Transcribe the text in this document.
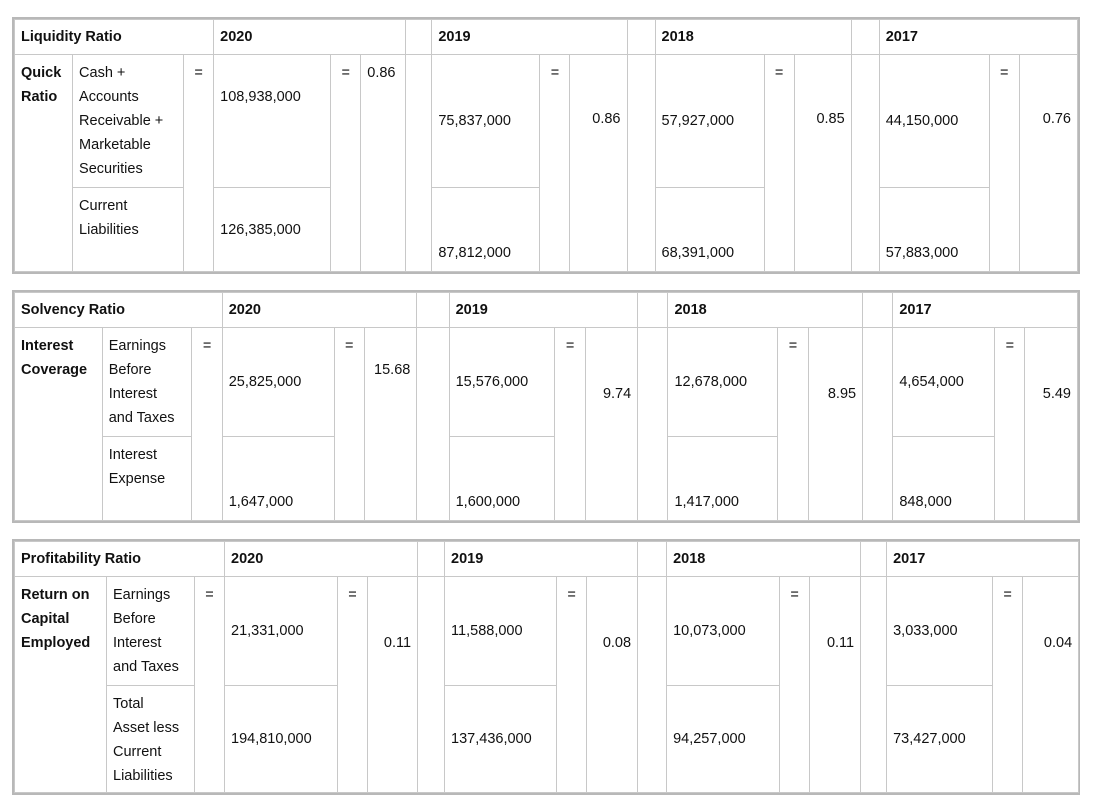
Liquidity Ratio			2020				2019				2018				2017		
Quick
Ratio	Cash +
Accounts
Receivable +
Marketable
Securities	=	108,938,000	=	0.86		75,837,000	=	0.86		57,927,000	=	0.85		44,150,000	=	0.76
	Current
Liabilities		126,385,000				87,812,000				68,391,000				57,883,000		
Solvency Ratio			2020				2019				2018				2017		
Interest
Coverage	Earnings
Before
Interest
and Taxes	=	25,825,000	=	15.68		15,576,000	=	9.74		12,678,000	=	8.95		4,654,000	=	5.49
	Interest
Expense		1,647,000				1,600,000				1,417,000				848,000		
Profitability Ratio			2020				2019				2018				2017		
Return on
Capital
Employed	Earnings
Before
Interest
and Taxes	=	21,331,000	=	0.11		11,588,000	=	0.08		10,073,000	=	0.11		3,033,000	=	0.04
	Total
Asset less
Current
Liabilities		194,810,000				137,436,000				94,257,000				73,427,000		
